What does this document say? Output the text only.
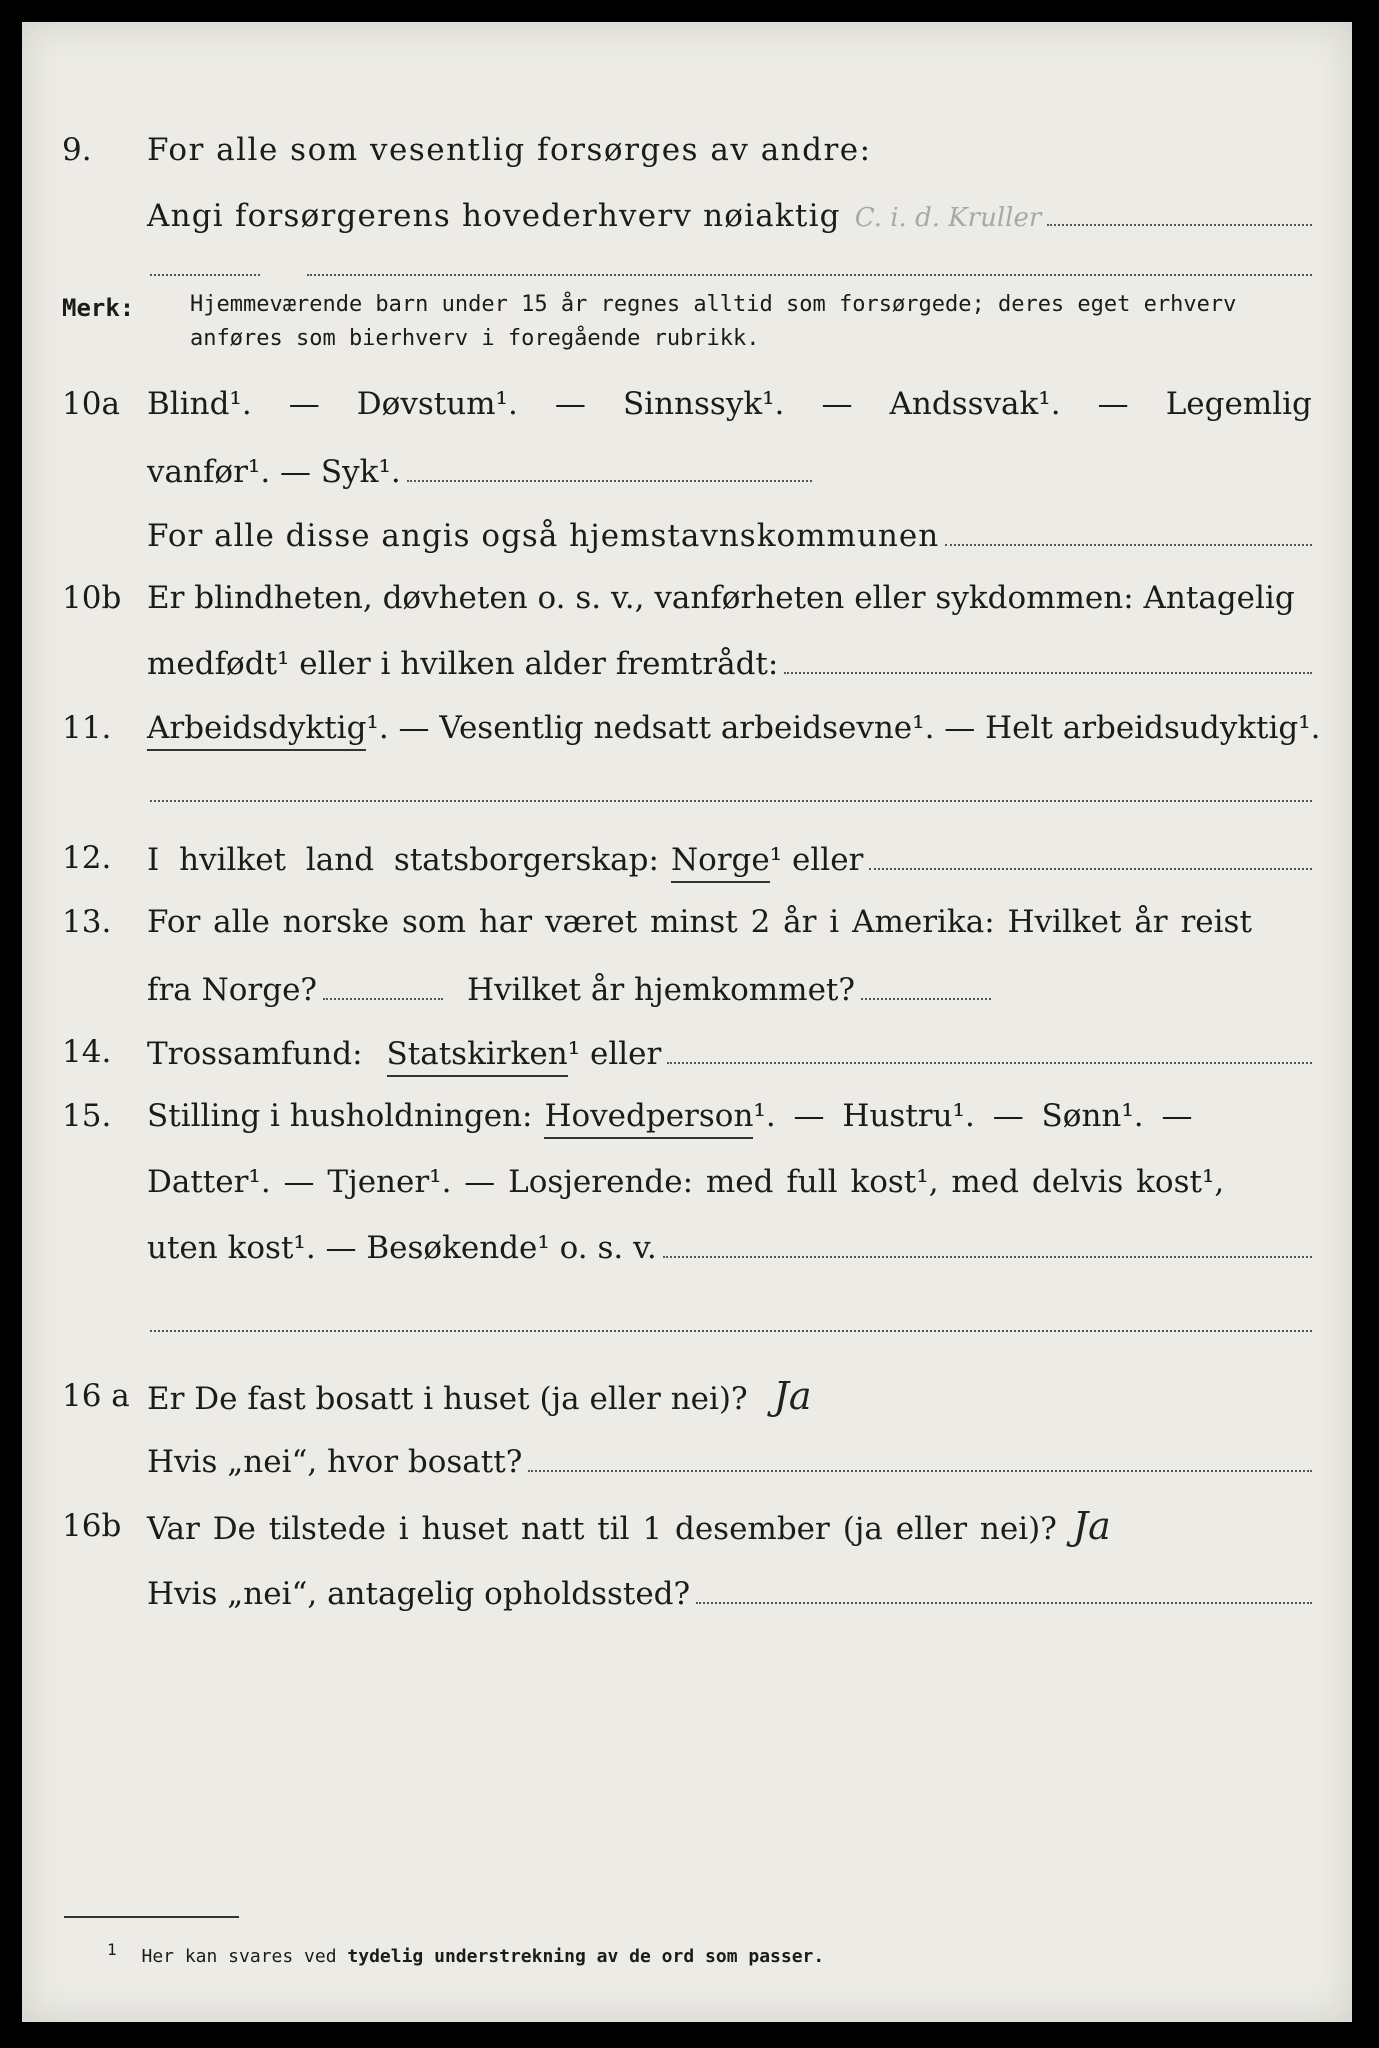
9.	For alle som vesentlig forsørges av andre:
Angi forsørgerens hovederhverv nøiaktig C. i. d. Kruller
Merk:	Hjemmeværende barn under 15 år regnes alltid som forsørgede; deres eget erhverv anføres som bierhverv i foregående rubrikk.
10a Blind¹. — Døvstum¹. — Sinnssyk¹. — Andssvak¹. — Legemlig
vanfør¹. — Syk¹.
For alle disse angis også hjemstavnskommunen
10b Er blindheten, døvheten o. s. v., vanførheten eller sykdommen: Antagelig
medfødt¹ eller i hvilken alder fremtrådt:
11.	Arbeidsdyktig ¹. — Vesentlig nedsatt arbeidsevne¹. — Helt arbeidsudyktig¹.
12.	I hvilket land statsborgerskap: Norge ¹ eller
13.	For alle norske som har været minst 2 år i Amerika: Hvilket år reist
fra Norge?	Hvilket år hjemkommet?
14.	Trossamfund: Statskirken ¹ eller
15.	Stilling i husholdningen: Hovedperson ¹. — Hustru¹. — Sønn¹. —
Datter¹. — Tjener¹. — Losjerende: med full kost¹, med delvis kost¹,
uten kost¹. — Besøkende¹ o. s. v.
16 a Er De fast bosatt i huset (ja eller nei)? Ja
Hvis „nei“, hvor bosatt?
16b Var De tilstede i huset natt til 1 desember (ja eller nei)? Ja
Hvis „nei“, antagelig opholdssted?
1 Her kan svares ved tydelig understrekning av de ord som passer.
